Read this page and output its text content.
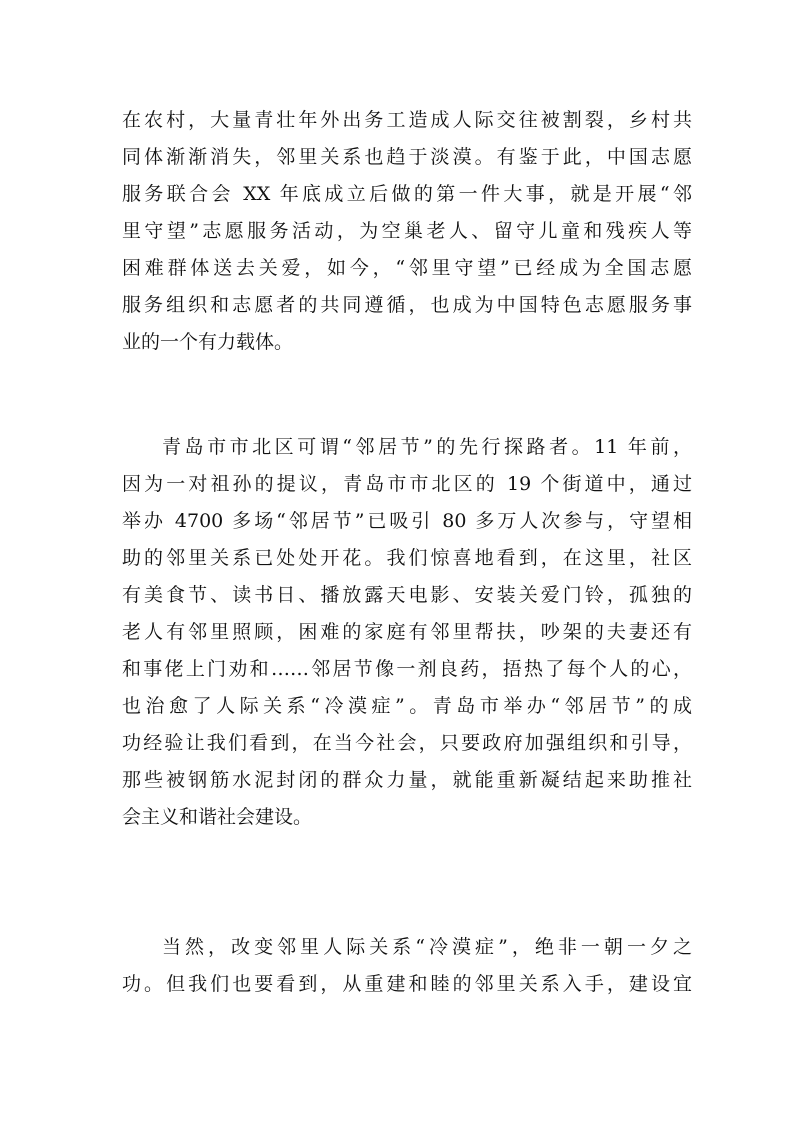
在农村，大量青壮年外出务工造成人际交往被割裂，乡村共
同体渐渐消失，邻里关系也趋于淡漠。有鉴于此，中国志愿
服务联合会 XX 年底成立后做的第一件大事，就是开展“邻
里守望”志愿服务活动，为空巢老人、留守儿童和残疾人等
困难群体送去关爱，如今，“邻里守望”已经成为全国志愿
服务组织和志愿者的共同遵循，也成为中国特色志愿服务事
业的一个有力载体。
青岛市市北区可谓“邻居节”的先行探路者。11 年前，
因为一对祖孙的提议，青岛市市北区的 19 个街道中，通过
举办 4700 多场“邻居节”已吸引 80 多万人次参与，守望相
助的邻里关系已处处开花。我们惊喜地看到，在这里，社区
有美食节、读书日、播放露天电影、安装关爱门铃，孤独的
老人有邻里照顾，困难的家庭有邻里帮扶，吵架的夫妻还有
和事佬上门劝和……邻居节像一剂良药，捂热了每个人的心，
也治愈了人际关系“冷漠症”。青岛市举办“邻居节”的成
功经验让我们看到，在当今社会，只要政府加强组织和引导，
那些被钢筋水泥封闭的群众力量，就能重新凝结起来助推社
会主义和谐社会建设。
当然，改变邻里人际关系“冷漠症”，绝非一朝一夕之
功。但我们也要看到，从重建和睦的邻里关系入手，建设宜
